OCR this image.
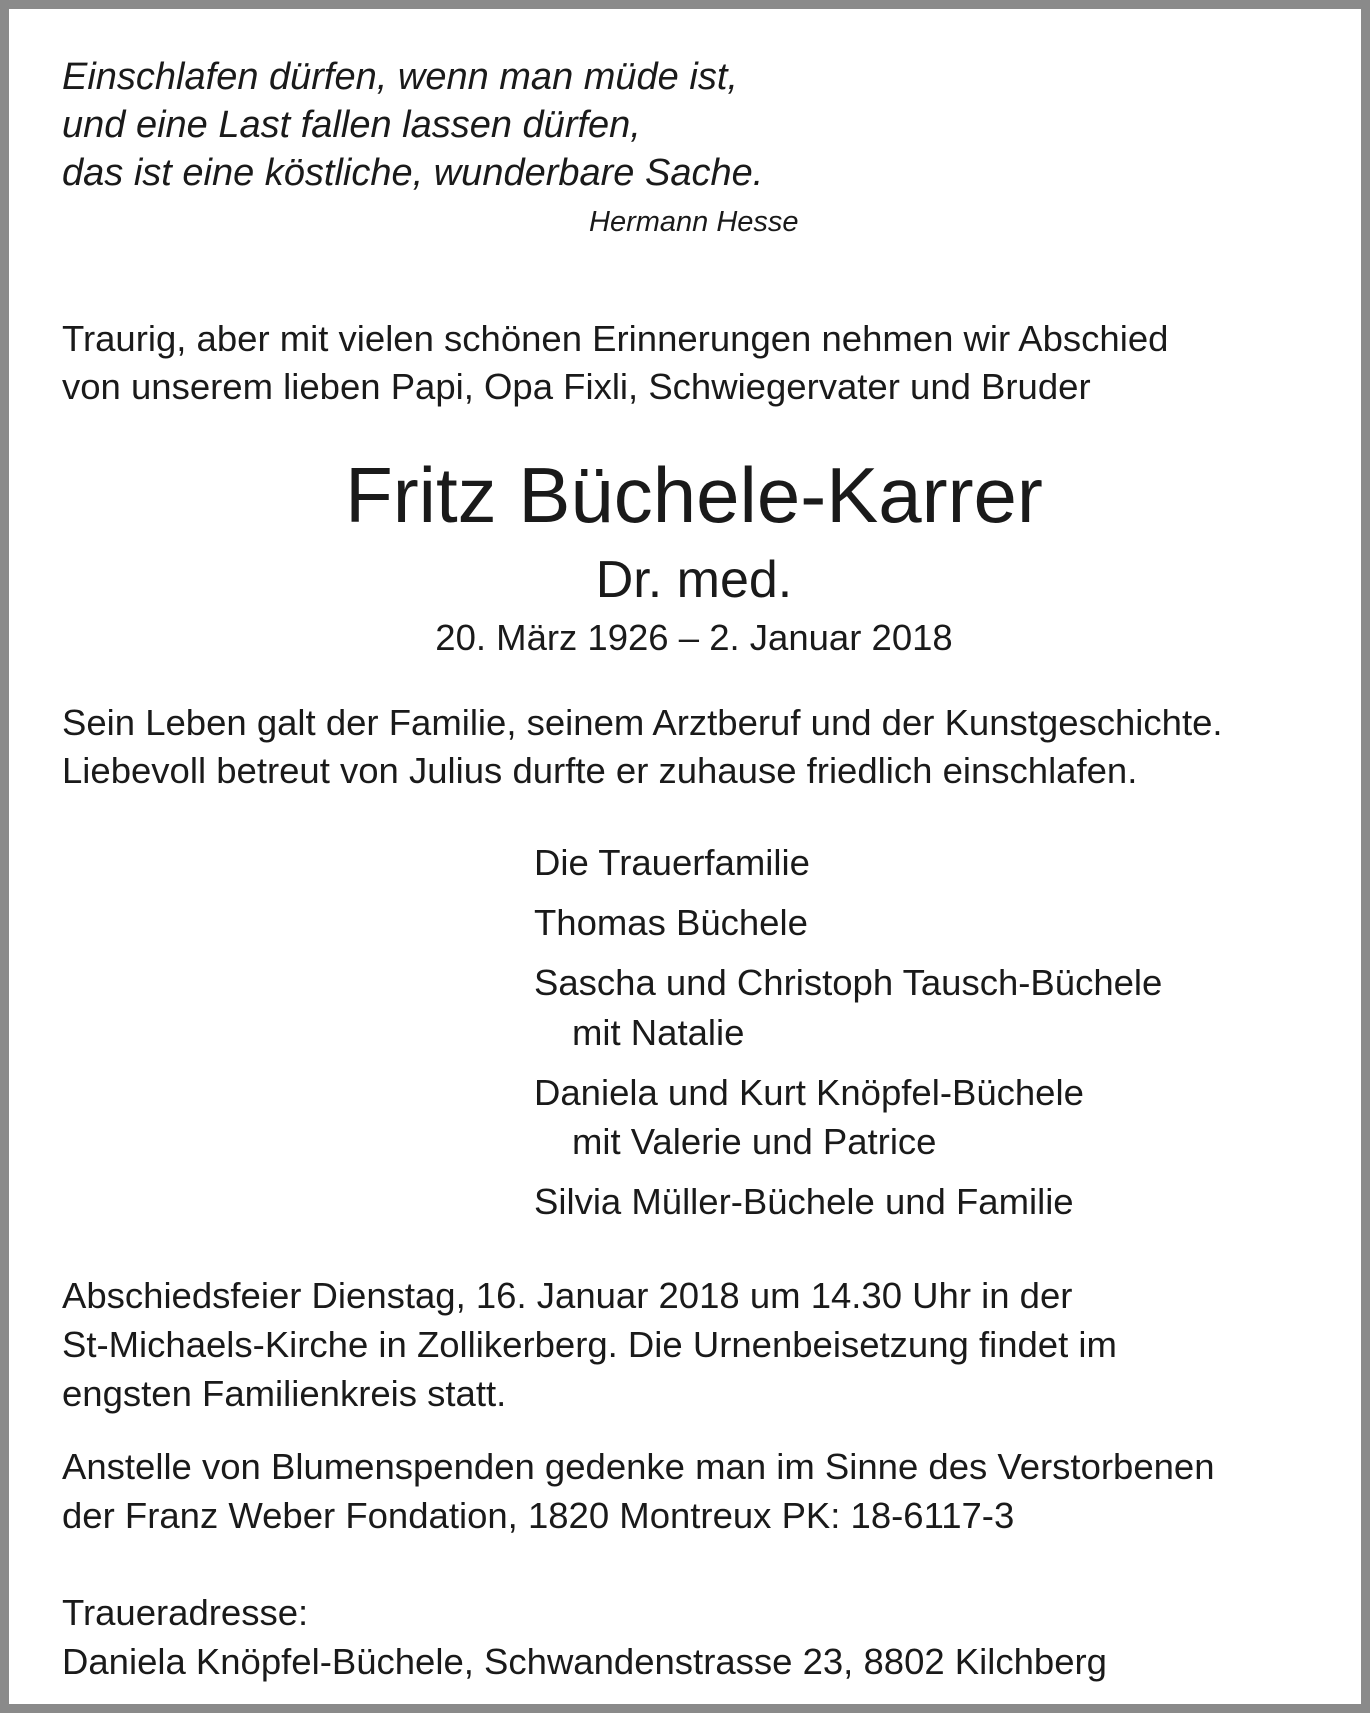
Einschlafen dürfen, wenn man müde ist,
und eine Last fallen lassen dürfen,
das ist eine köstliche, wunderbare Sache.
Hermann Hesse
Traurig, aber mit vielen schönen Erinnerungen nehmen wir Abschied
von unserem lieben Papi, Opa Fixli, Schwiegervater und Bruder
Fritz Büchele-Karrer
Dr. med.
20. März 1926 – 2. Januar 2018
Sein Leben galt der Familie, seinem Arztberuf und der Kunstgeschichte.
Liebevoll betreut von Julius durfte er zuhause friedlich einschlafen.
Die Trauerfamilie
Thomas Büchele
Sascha und Christoph Tausch-Büchele
mit Natalie
Daniela und Kurt Knöpfel-Büchele
mit Valerie und Patrice
Silvia Müller-Büchele und Familie
Abschiedsfeier Dienstag, 16. Januar 2018 um 14.30 Uhr in der
St-Michaels-Kirche in Zollikerberg. Die Urnenbeisetzung findet im
engsten Familienkreis statt.
Anstelle von Blumenspenden gedenke man im Sinne des Verstorbenen
der Franz Weber Fondation, 1820 Montreux PK: 18-6117-3
Traueradresse:
Daniela Knöpfel-Büchele, Schwandenstrasse 23, 8802 Kilchberg
